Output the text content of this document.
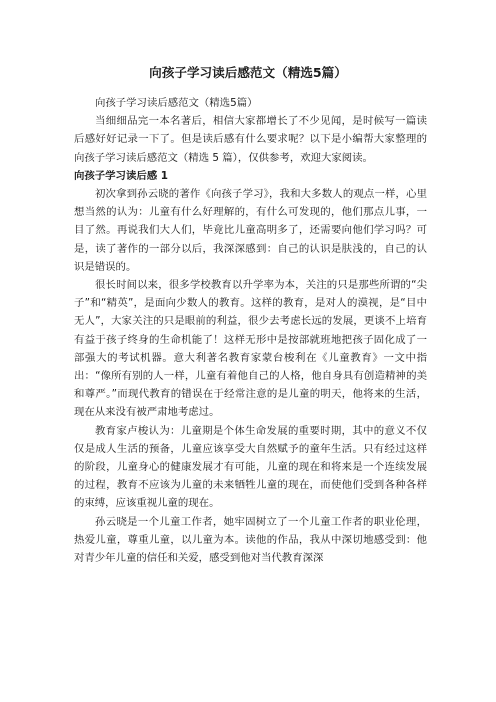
向孩子学习读后感范文（精选5篇）

向孩子学习读后感范文（精选5篇）

当细细品完一本名著后，相信大家都增长了不少见闻，是时候写一篇读后感好好记录一下了。但是读后感有什么要求呢？以下是小编帮大家整理的向孩子学习读后感范文（精选 5 篇），仅供参考，欢迎大家阅读。

向孩子学习读后感 1

初次拿到孙云晓的著作《向孩子学习》，我和大多数人的观点一样，心里想当然的认为：儿童有什么好理解的，有什么可发现的，他们那点儿事，一目了然。再说我们大人们，毕竟比儿童高明多了，还需要向他们学习吗？可是，读了著作的一部分以后，我深深感到：自己的认识是肤浅的，自己的认识是错误的。

很长时间以来，很多学校教育以升学率为本，关注的只是那些所谓的“尖子”和“精英”，是面向少数人的教育。这样的教育，是对人的漠视，是“目中无人”，大家关注的只是眼前的利益，很少去考虑长远的发展，更谈不上培育有益于孩子终身的生命机能了！这样无形中是按部就班地把孩子固化成了一部强大的考试机器。意大利著名教育家蒙台梭利在《儿童教育》一文中指出：“像所有别的人一样，儿童有着他自己的人格，他自身具有创造精神的美和尊严。”而现代教育的错误在于经常注意的是儿童的明天，他将来的生活，现在从来没有被严肃地考虑过。

教育家卢梭认为：儿童期是个体生命发展的重要时期，其中的意义不仅仅是成人生活的预备，儿童应该享受大自然赋予的童年生活。只有经过这样的阶段，儿童身心的健康发展才有可能，儿童的现在和将来是一个连续发展的过程，教育不应该为儿童的未来牺牲儿童的现在，而使他们受到各种各样的束缚，应该重视儿童的现在。

孙云晓是一个儿童工作者，她牢固树立了一个儿童工作者的职业伦理，热爱儿童，尊重儿童，以儿童为本。读他的作品，我从中深切地感受到：他对青少年儿童的信任和关爱，感受到他对当代教育深深
